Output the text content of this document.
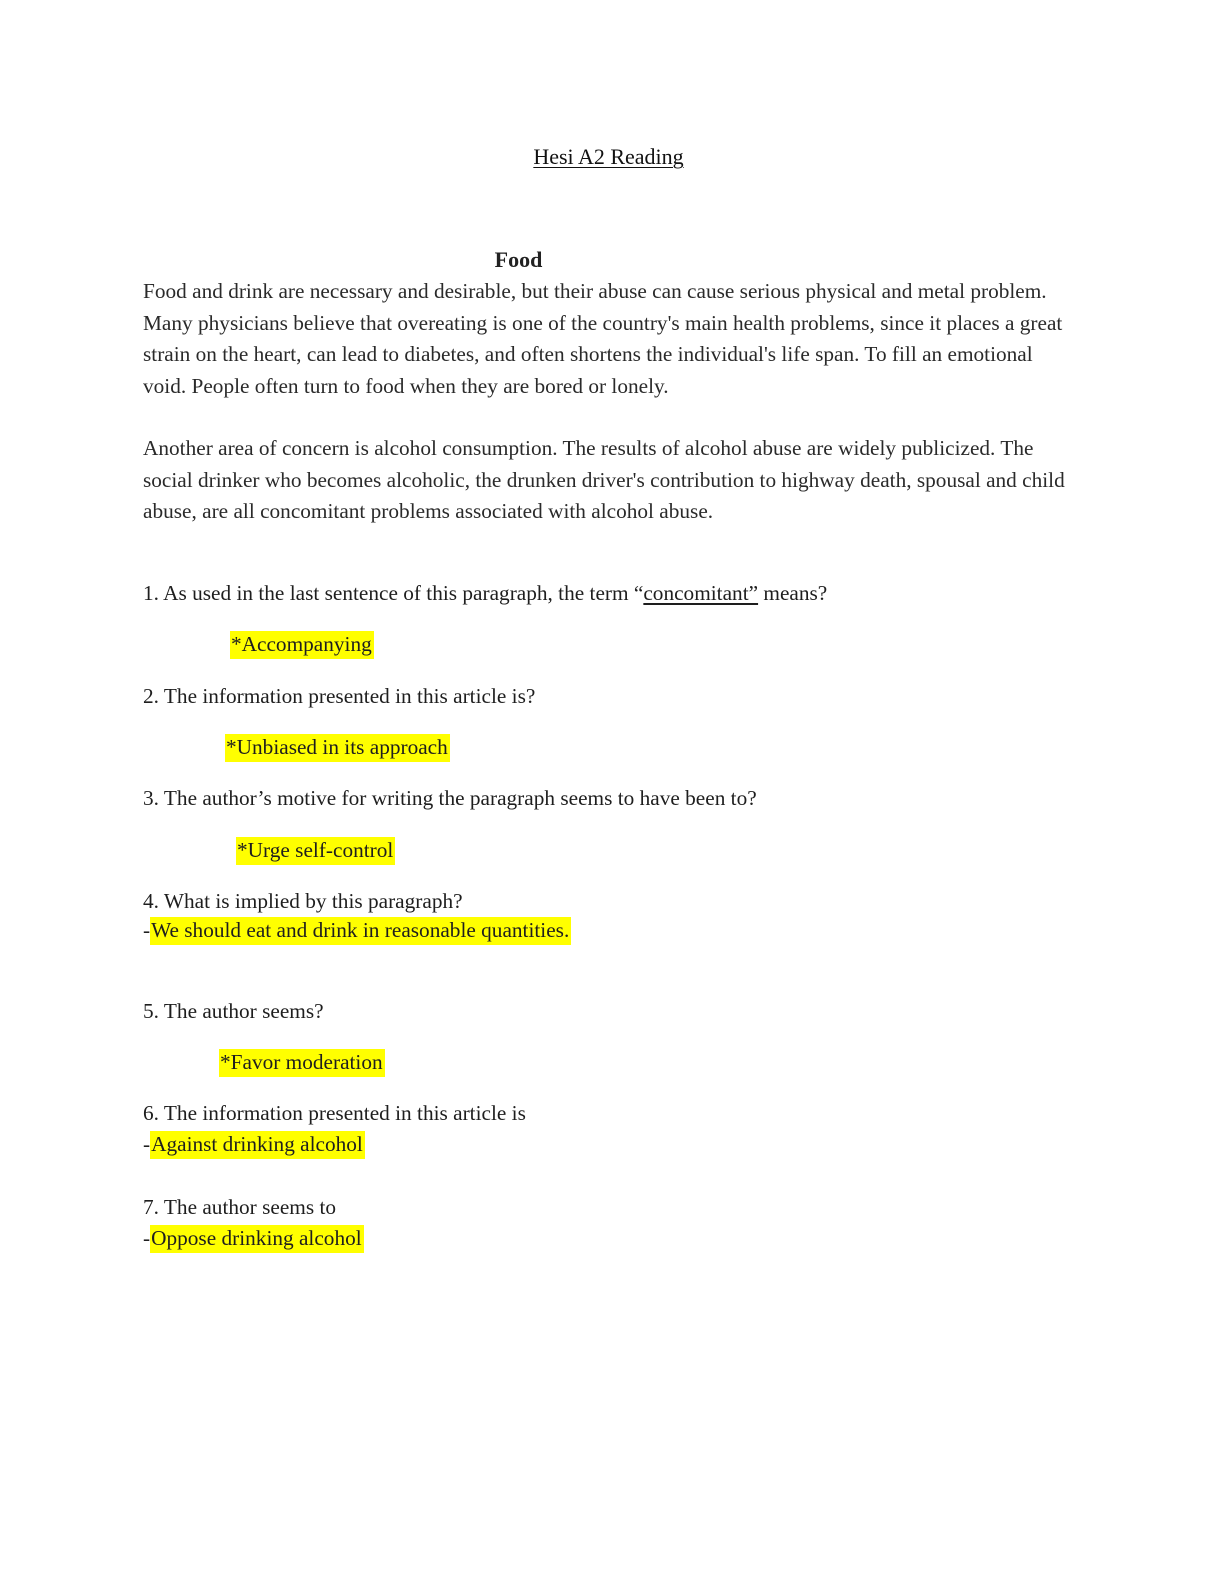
Hesi A2 Reading
Food

Food and drink are necessary and desirable, but their abuse can cause serious physical and metal problem. Many physicians believe that overeating is one of the country's main health problems, since it places a great strain on the heart, can lead to diabetes, and often shortens the individual's life span. To fill an emotional void. People often turn to food when they are bored or lonely.

Another area of concern is alcohol consumption. The results of alcohol abuse are widely publicized. The social drinker who becomes alcoholic, the drunken driver's contribution to highway death, spousal and child abuse, are all concomitant problems associated with alcohol abuse.

1. As used in the last sentence of this paragraph, the term “concomitant” means?

*Accompanying

2. The information presented in this article is?

*Unbiased in its approach

3. The author’s motive for writing the paragraph seems to have been to?

*Urge self-control

4. What is implied by this paragraph?

-We should eat and drink in reasonable quantities.

5. The author seems?

*Favor moderation

6. The information presented in this article is

-Against drinking alcohol

7. The author seems to

-Oppose drinking alcohol
